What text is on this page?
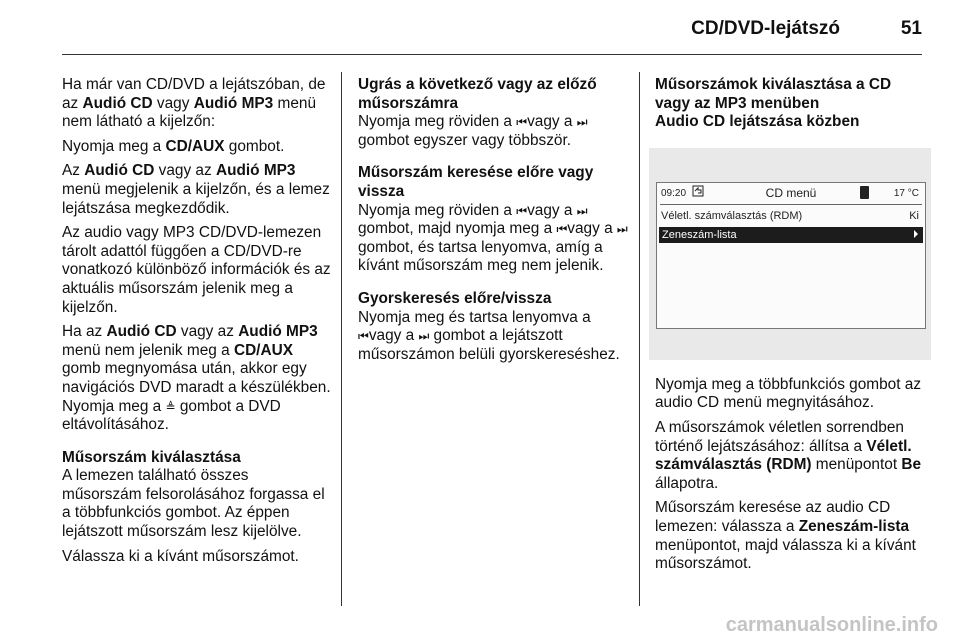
CD/DVD-lejátszó	51

Ha már van CD/DVD a lejátszóban, de az Audió CD vagy Audió MP3 menü nem látható a kijelzőn:

Nyomja meg a CD/AUX gombot.

Az Audió CD vagy az Audió MP3 menü megjelenik a kijelzőn, és a lemez lejátszása megkezdődik.

Az audio vagy MP3 CD/DVD-lemezen tárolt adattól függően a CD/DVD-re vonatkozó különböző információk és az aktuális műsorszám jelenik meg a kijelzőn.

Ha az Audió CD vagy az Audió MP3 menü nem jelenik meg a CD/AUX gomb megnyomása után, akkor egy navigációs DVD maradt a készülékben. Nyomja meg a ≜ gombot a DVD eltávolításához.

Műsorszám kiválasztása

A lemezen található összes műsorszám felsorolásához forgassa el a többfunkciós gombot. Az éppen lejátszott műsorszám lesz kijelölve.

Válassza ki a kívánt műsorszámot.

Ugrás a következő vagy az előző műsorszámra

Nyomja meg röviden a ⏮vagy a ⏭ gombot egyszer vagy többször.

Műsorszám keresése előre vagy vissza

Nyomja meg röviden a ⏮vagy a ⏭ gombot, majd nyomja meg a ⏮vagy a ⏭ gombot, és tartsa lenyomva, amíg a kívánt műsorszám meg nem jelenik.

Gyorskeresés előre/vissza

Nyomja meg és tartsa lenyomva a ⏮vagy a ⏭ gombot a lejátszott műsorszámon belüli gyorskereséshez.

Műsorszámok kiválasztása a CD vagy az MP3 menüben

Audio CD lejátszása közben

09:20	CD menü	17 °C
Véletl. számválasztás (RDM)	Ki
Zeneszám-lista

Nyomja meg a többfunkciós gombot az audio CD menü megnyitásához.

A műsorszámok véletlen sorrendben történő lejátszásához: állítsa a Véletl. számválasztás (RDM) menüpontot Be állapotra.

Műsorszám keresése az audio CD lemezen: válassza a Zeneszám-lista menüpontot, majd válassza ki a kívánt műsorszámot.

carmanualsonline.info
